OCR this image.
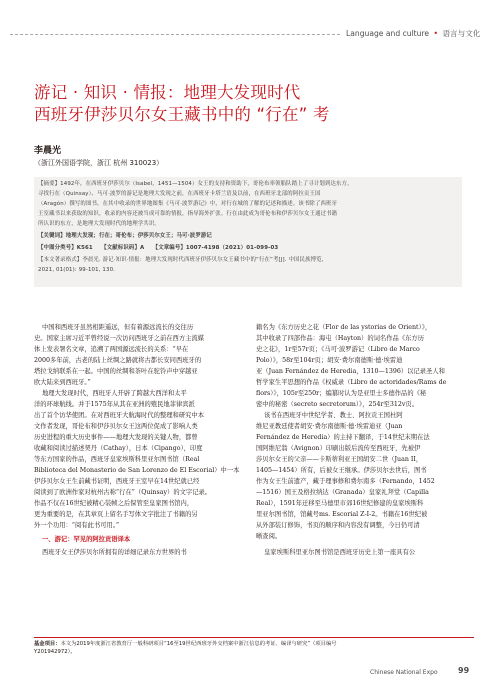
Language and culture • 语言与文化
游记 · 知识 · 情报：地理大发现时代
西班牙伊莎贝尔女王藏书中的 “行在” 考
李晨光
（浙江外国语学院，浙江 杭州 310023）
【摘要】1492年，在西班牙伊莎贝尔（Isabel，1451—1504）女王的支持和资助下，哥伦布率领船队踏上了寻计划到达东方，
寻找行在（Quinsay）、马可·波罗的游记是地理大发现之前，在西班牙卡塔兰语及以前，在西班牙北部的阿拉贡王国
（Aragón）撰写的图书，在其中收录的世界地图集《马可·波罗游记》中，对行在城的了解的记述和描述。该书除了西班牙
王室藏书以来获取的知识，收录的内容还被当成可靠的情报，指导海外扩张。行在由此成为哥伦布和伊莎贝尔女王通过书籍
所认识的东方，是地理大发现时代的地理学共识。
【关键词】地理大发现；行在；哥伦布；伊莎贝尔女王；马可·波罗游记
【中图分类号】K561　　【文献标识码】A　　【文章编号】1007-4198（2021）01-099-03
【本文著录格式】李晨光. 游记·知识·情报：地理大发现时代西班牙伊莎贝尔女王藏书中的“行在”考[J]. 中国民族博览,
2021, 01(01): 99-101, 130.
中国和西班牙虽然相距遥远，但有着源远流长的交往历
史。国家主席习近平曾经说一次访问西班牙之前在西方主流媒
体上发表署名文章，追溯了两国源远流长的关系：“早在
2000多年前，古老的陆上丝绸之路就将古都长安同西班牙的
塔拉戈纳联系在一起。中国的丝绸和茶叶在驼铃声中穿越亚
欧大陆来到西班牙。”
地理大发现时代，西班牙人开辟了跨越大西洋和太平
洋的环球航线。并于1575年从其在亚洲的殖民地菲律宾派
出了首个访华使团。在对西班牙大航海时代的整理和研究中本
文作者发现，哥伦布和伊莎贝尔女王这两位促成了影响人类
历史进程的重大历史事件——地理大发现的关键人物，都曾
收藏和阅读过描述契丹（Cathay），日本（Cipango），印度
等东方国家的作品，西班牙皇家埃斯科里亚尔图书馆（Real
Biblioteca del Monasterio de San Lorenzo de El Escorial）中一本
伊莎贝尔女王生前藏书证明，西班牙王室早在14世纪就已经
阅读到了欧洲作家对杭州古称“行在”（Quinsay）的文字记录。
作品不仅在16世纪被精心装帧之后保管至皇家图书馆内，
更为重要的是，在其章页上留名手写体文字批注了书籍的另
外一个功用：“阅有此书可用。”
一、游记：罕见的阿拉贡语译本
西班牙女王伊莎贝尔所拥有的详细记录东方世界的书
籍名为《东方历史之花（Flor de las ystorias de Orient）》，
其中收录了四部作品：海屯（Hayton）的词名作品《东方历
史之花》，1r至57r页；《马可·波罗游记（Libro de Marco
Polo）》，58r至104r页；胡安·费尔南德斯·德·埃雷迪
亚（Juan Fernández de Heredia，1310—1396）以记录圣人和
哲学家生平思想的作品《权威录（Libro de actoridades/Rams de
flors）》，105r至250r；编纂时认为是亚里士多德作品的《秘
密中的秘密（secreto secretorum）》，254r至312v页。
该书在西班牙中世纪学者、教士、阿拉贡王国杜阿
维尼亚教廷使者胡安·费尔南德斯·德·埃雷迪亚（Juan
Fernández de Heredia）的主持下翻译，于14世纪末期在法
国阿维尼翁（Avignon）印刷出版后流传至西班牙，先被伊
莎贝尔女王的父亲——卡斯蒂利亚王国胡安二世（Juan II，
1405—1454）所有，后被女王继承。伊莎贝尔去世后，图书
作为女王生前遗产，藏于理事修和费尔南多（Fernando，1452
—1516）国王及格拉纳达（Granada）皇家礼拜堂（Capilla
Real），1591年迁移至马德里市郊16世纪修建的皇家埃斯科
里亚尔图书馆，馆藏号ms. Escorial Z-I-2。书籍在16世纪被
从外部装订修饰，书页的顺序和内容没有调整，今日仍可清
晰查阅。
皇家埃斯科里亚尔图书馆是西班牙历史上第一座具有公
基金项目：本文为2019年度浙江省教育厅一般科研项目“16至19世纪西班牙外交档案中浙江信息的考证、编译与研究”（项目编号
Y201942972）。
Chinese National Expo	99
